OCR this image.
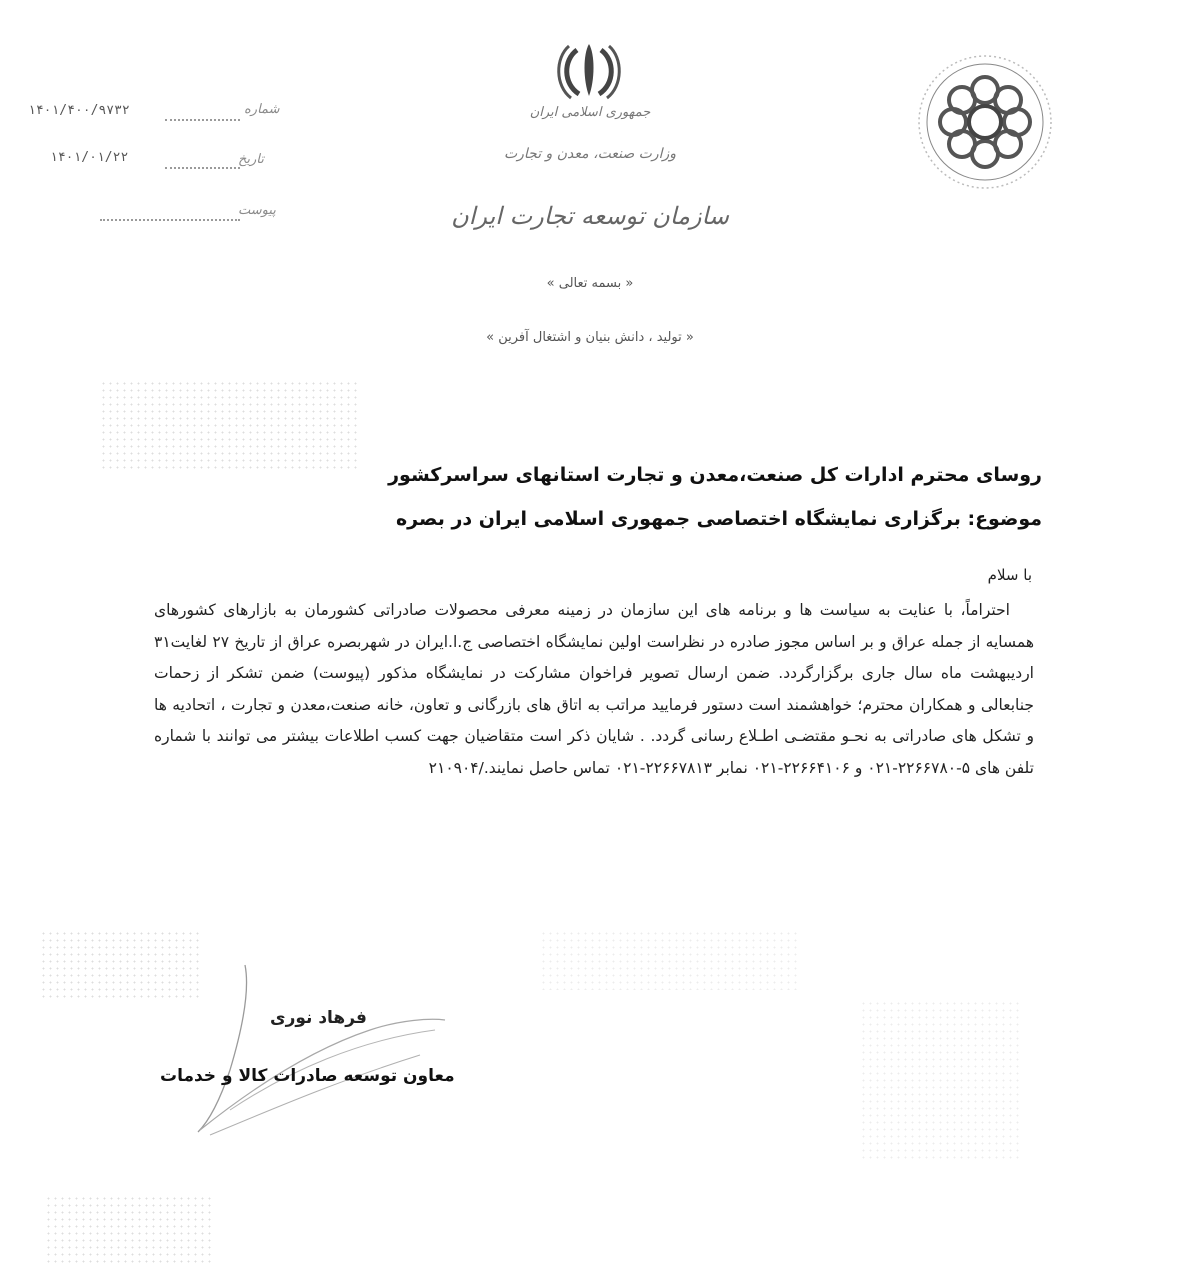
جمهوری اسلامی ایران
وزارت صنعت، معدن و تجارت
سازمان توسعه تجارت ایران
۱۴۰۱/۴۰۰/۹۷۳۲	شماره
۱۴۰۱/۰۱/۲۲	تاریخ
پیوست
« بسمه تعالی »
« تولید ، دانش بنیان و اشتغال آفرین »
روسای محترم ادارات کل صنعت،معدن و تجارت استانهای سراسرکشور
موضوع: برگزاری نمایشگاه اختصاصی جمهوری اسلامی ایران در بصره
با سلام

احتراماً، با عنایت به سیاست ها و برنامه های این سازمان در زمینه معرفی محصولات صادراتی کشورمان به بازارهای کشورهای همسایه از جمله عراق و بر اساس مجوز صادره در نظراست اولین نمایشگاه اختصاصی ج.ا.ایران در شهربصره عراق از تاریخ ۲۷ لغایت۳۱ اردیبهشت ماه سال جاری برگزارگردد. ضمن ارسال تصویر فراخوان مشارکت در نمایشگاه مذکور (پیوست) ضمن تشکر از زحمات جنابعالی و همکاران محترم؛ خواهشمند است دستور فرمایید مراتب به اتاق های بازرگانی و تعاون، خانه صنعت،معدن و تجارت ، اتحادیه ها و تشکل های صادراتی به نحـو مقتضـی اطـلاع رسانی گردد. . شایان ذکر است متقاضیان جهت کسب اطلاعات بیشتر می توانند با شماره تلفن های ۵-۲۲۶۶۷۸۰-۰۲۱ و ۲۲۶۶۴۱۰۶-۰۲۱ نمابر ۲۲۶۶۷۸۱۳-۰۲۱ تماس حاصل نمایند./۲۱۰۹۰۴

فرهاد نوری
معاون توسعه صادرات کالا و خدمات
